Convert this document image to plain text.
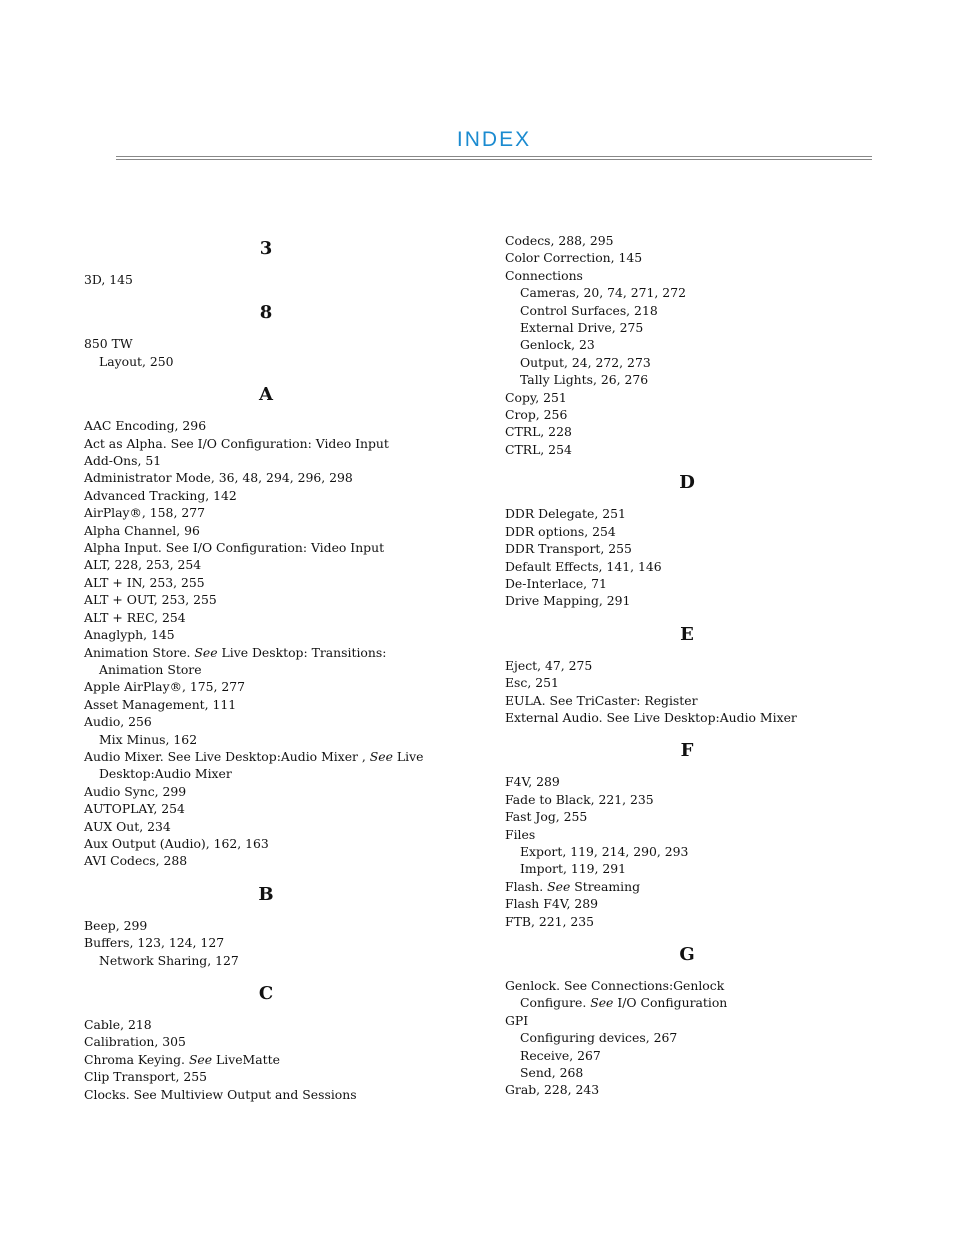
INDEX
3
3D, 145
8
850 TW
Layout, 250
A
AAC Encoding, 296
Act as Alpha. See I/O Configuration: Video Input
Add-Ons, 51
Administrator Mode, 36, 48, 294, 296, 298
Advanced Tracking, 142
AirPlay®, 158, 277
Alpha Channel, 96
Alpha Input. See I/O Configuration: Video Input
ALT, 228, 253, 254
ALT + IN, 253, 255
ALT + OUT, 253, 255
ALT + REC, 254
Anaglyph, 145
Animation Store. See Live Desktop: Transitions: Animation Store
Apple AirPlay®, 175, 277
Asset Management, 111
Audio, 256
Mix Minus, 162
Audio Mixer. See Live Desktop:Audio Mixer , See Live Desktop:Audio Mixer
Audio Sync, 299
AUTOPLAY, 254
AUX Out, 234
Aux Output (Audio), 162, 163
AVI Codecs, 288
B
Beep, 299
Buffers, 123, 124, 127
Network Sharing, 127
C
Cable, 218
Calibration, 305
Chroma Keying. See LiveMatte
Clip Transport, 255
Clocks. See Multiview Output and Sessions
Codecs, 288, 295
Color Correction, 145
Connections
Cameras, 20, 74, 271, 272
Control Surfaces, 218
External Drive, 275
Genlock, 23
Output, 24, 272, 273
Tally Lights, 26, 276
Copy, 251
Crop, 256
CTRL, 228
CTRL, 254
D
DDR Delegate, 251
DDR options, 254
DDR Transport, 255
Default Effects, 141, 146
De-Interlace, 71
Drive Mapping, 291
E
Eject, 47, 275
Esc, 251
EULA. See TriCaster: Register
External Audio. See Live Desktop:Audio Mixer
F
F4V, 289
Fade to Black, 221, 235
Fast Jog, 255
Files
Export, 119, 214, 290, 293
Import, 119, 291
Flash. See Streaming
Flash F4V, 289
FTB, 221, 235
G
Genlock. See Connections:Genlock
Configure. See I/O Configuration
GPI
Configuring devices, 267
Receive, 267
Send, 268
Grab, 228, 243
